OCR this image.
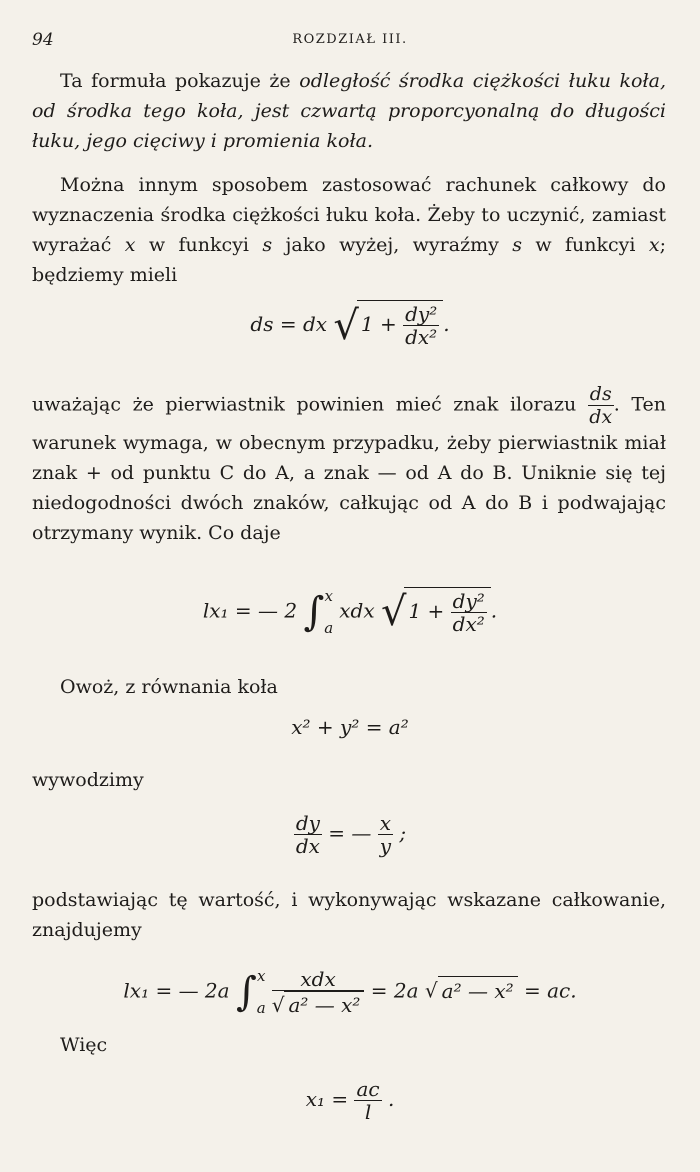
94	ROZDZIAŁ III.
Ta formuła pokazuje że odległość środka ciężkości łuku koła, od środka tego koła, jest czwartą proporcyonalną do długości łuku, jego cięciwy i promienia koła.
Można innym sposobem zastosować rachunek całkowy do wyznaczenia środka ciężkości łuku koła. Żeby to uczynić, zamiast wyrażać x w funkcyi s jako wyżej, wyraźmy s w funkcyi x; będziemy mieli
ds = dx √ $1 + \frac{\text{dy²}}{\text{dx²}}$ .
uważając że pierwiastnik powinien mieć znak ilorazu $\frac{ds}{dx}$ . Ten warunek wymaga, w obecnym przypadku, żeby pierwiastnik miał znak + od punktu C do A, a znak — od A do B. Uniknie się tej niedogodności dwóch znaków, całkując od A do B i podwajając otrzymany wynik. Co daje
lx₁ = — 2 ∫ x
a
xdx √ $1 + \frac{\text{dy²}}{\text{dx²}}$ .
Owoż, z równania koła
x² + y² = a²
wywodzimy
$\frac{dy}{dx}$ = — $\frac{x}{y}$ ;
podstawiając tę wartość, i wykonywając wskazane całkowanie, znajdujemy
lx₁ = — 2a ∫ x
a $\frac{\text{xdx}}{\text{√ a² — x²}} = 2a$ √ a² — x² = ac.
Więc
$x_1 = \frac{ac}{l}$ .
